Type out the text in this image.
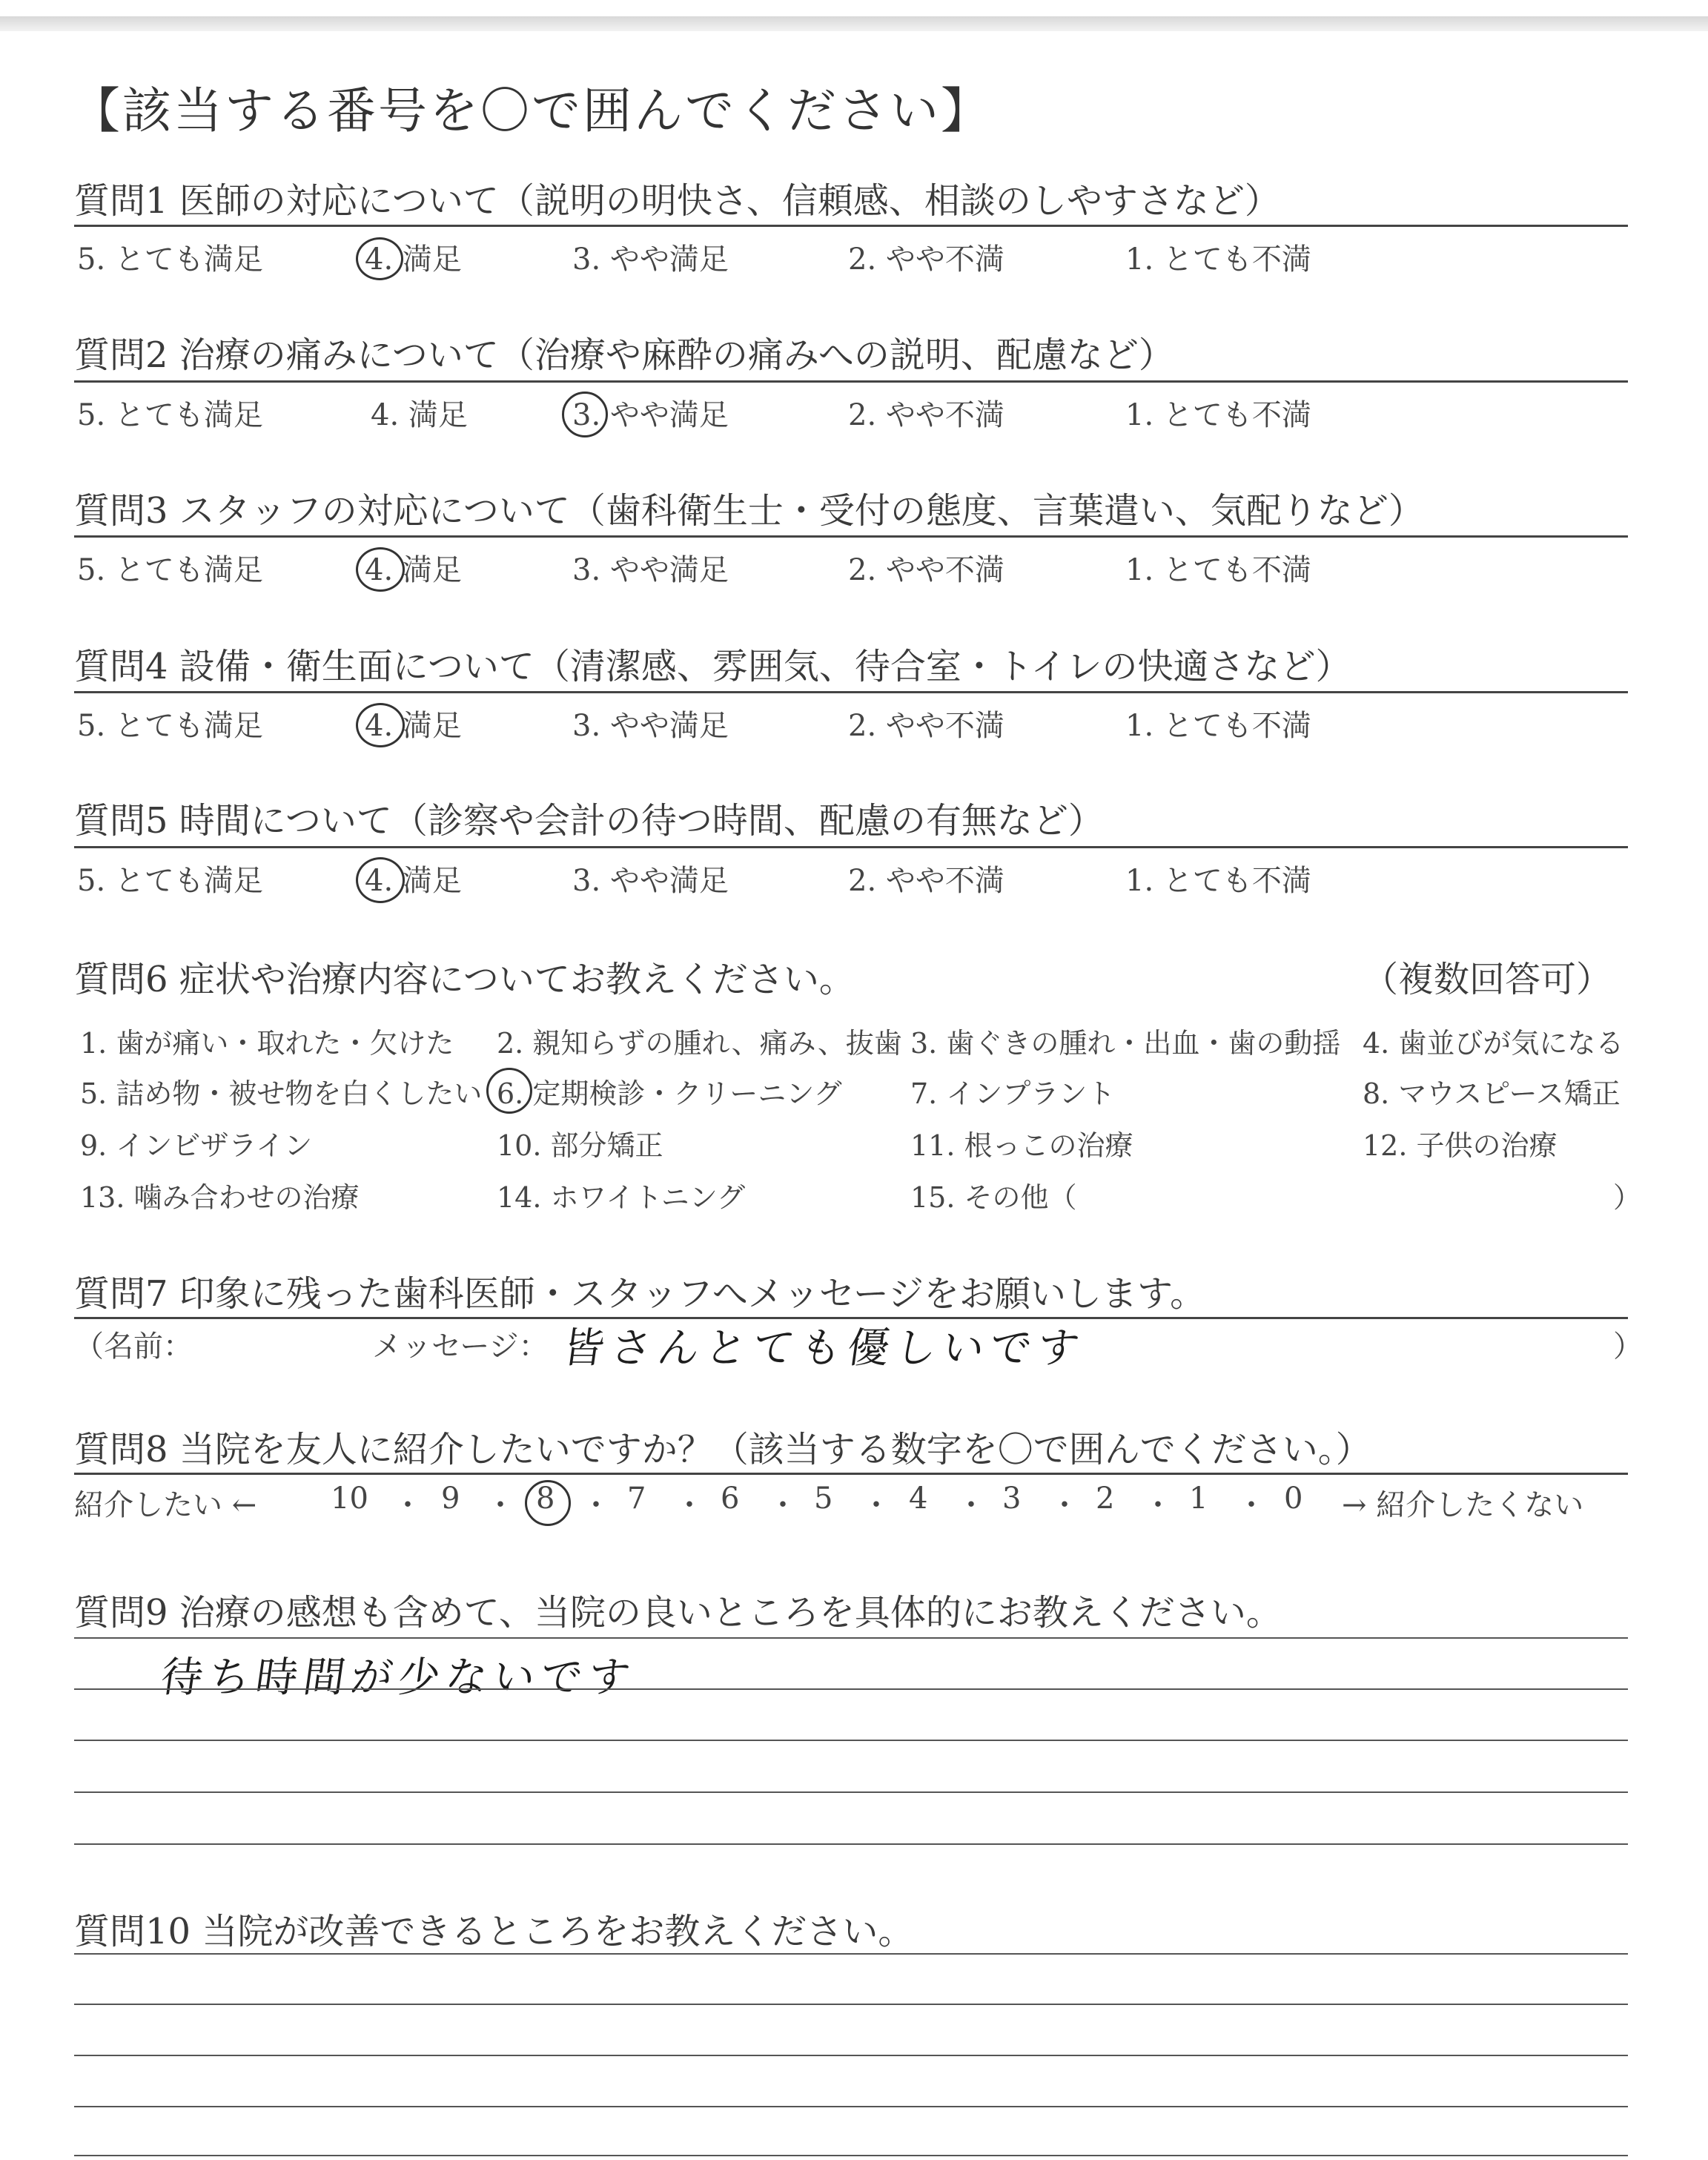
【該当する番号を〇で囲んでください】
質問1 医師の対応について（説明の明快さ、信頼感、相談のしやすさなど）
5. とても満足	4. 満足	3. やや満足	2. やや不満	1. とても不満
質問2 治療の痛みについて（治療や麻酔の痛みへの説明、配慮など）
5. とても満足	4. 満足	3. やや満足	2. やや不満	1. とても不満
質問3 スタッフの対応について（歯科衛生士・受付の態度、言葉遣い、気配りなど）
5. とても満足	4. 満足	3. やや満足	2. やや不満	1. とても不満
質問4 設備・衛生面について（清潔感、雰囲気、待合室・トイレの快適さなど）
5. とても満足	4. 満足	3. やや満足	2. やや不満	1. とても不満
質問5 時間について（診察や会計の待つ時間、配慮の有無など）
5. とても満足	4. 満足	3. やや満足	2. やや不満	1. とても不満
質問6 症状や治療内容についてお教えください。	（複数回答可）
1. 歯が痛い・取れた・欠けた 2. 親知らずの腫れ、痛み、抜歯 3. 歯ぐきの腫れ・出血・歯の動揺 4. 歯並びが気になる
5. 詰め物・被せ物を白くしたい 6. 定期検診・クリーニング 7. インプラント	8. マウスピース矯正
9. インビザライン	10. 部分矯正	11. 根っこの治療	12. 子供の治療
13. 噛み合わせの治療	14. ホワイトニング	15. その他（	）
質問7 印象に残った歯科医師・スタッフへメッセージをお願いします。
（名前：	メッセージ： 皆さんとても優しいです	）
質問8 当院を友人に紹介したいですか？（該当する数字を〇で囲んでください。）
紹介したい ← 10 ・ 9 ・ 8 ・ 7 ・ 6 ・ 5 ・ 4 ・ 3 ・ 2 ・ 1 ・ 0 → 紹介したくない
質問9 治療の感想も含めて、当院の良いところを具体的にお教えください。
待ち時間が少ないです
質問10 当院が改善できるところをお教えください。
